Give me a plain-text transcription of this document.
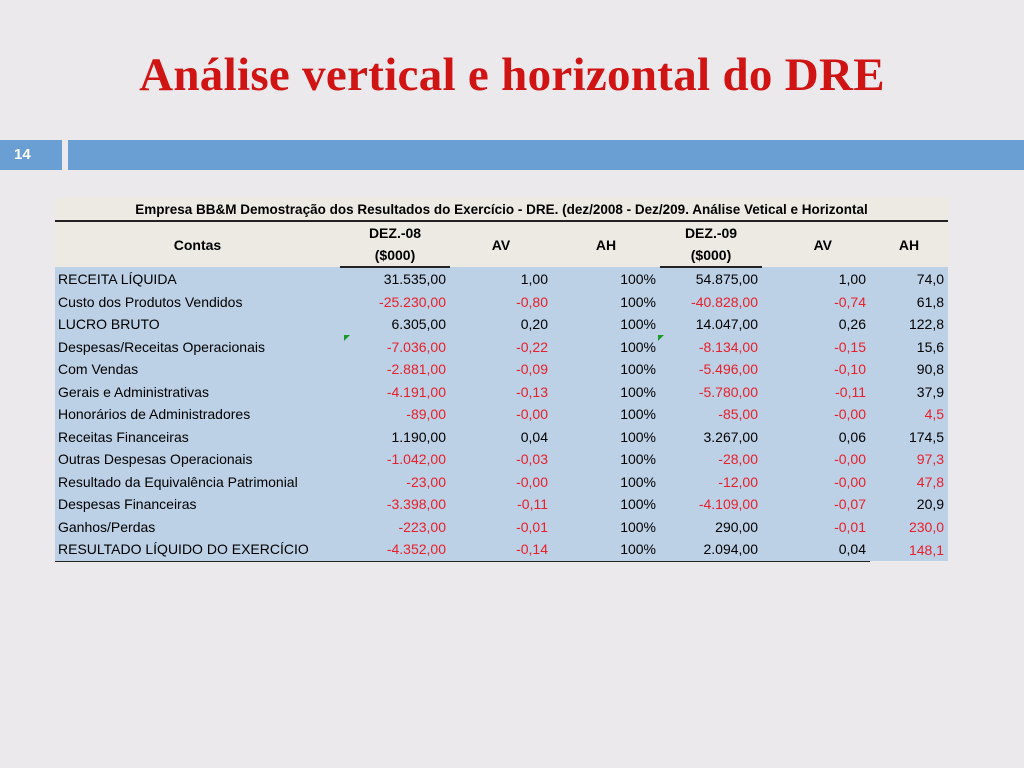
Análise vertical e horizontal do DRE
14
Empresa BB&M Demostração dos Resultados do Exercício - DRE. (dez/2008 - Dez/209. Análise Vetical e Horizontal						
Contas	DEZ.-08	AV	AH	DEZ.-09	AV	AH
	($000)			($000)		
RECEITA LÍQUIDA	31.535,00	1,00	100%	54.875,00	1,00	74,0
Custo dos Produtos Vendidos	-25.230,00	-0,80	100%	-40.828,00	-0,74	61,8
LUCRO BRUTO	6.305,00	0,20	100%	14.047,00	0,26	122,8
Despesas/Receitas Operacionais	-7.036,00	-0,22	100%	-8.134,00	-0,15	15,6
Com Vendas	-2.881,00	-0,09	100%	-5.496,00	-0,10	90,8
Gerais e Administrativas	-4.191,00	-0,13	100%	-5.780,00	-0,11	37,9
Honorários de Administradores	-89,00	-0,00	100%	-85,00	-0,00	4,5
Receitas Financeiras	1.190,00	0,04	100%	3.267,00	0,06	174,5
Outras Despesas Operacionais	-1.042,00	-0,03	100%	-28,00	-0,00	97,3
Resultado da Equivalência Patrimonial	-23,00	-0,00	100%	-12,00	-0,00	47,8
Despesas Financeiras	-3.398,00	-0,11	100%	-4.109,00	-0,07	20,9
Ganhos/Perdas	-223,00	-0,01	100%	290,00	-0,01	230,0
RESULTADO LÍQUIDO DO EXERCÍCIO	-4.352,00	-0,14	100%	2.094,00	0,04	148,1
